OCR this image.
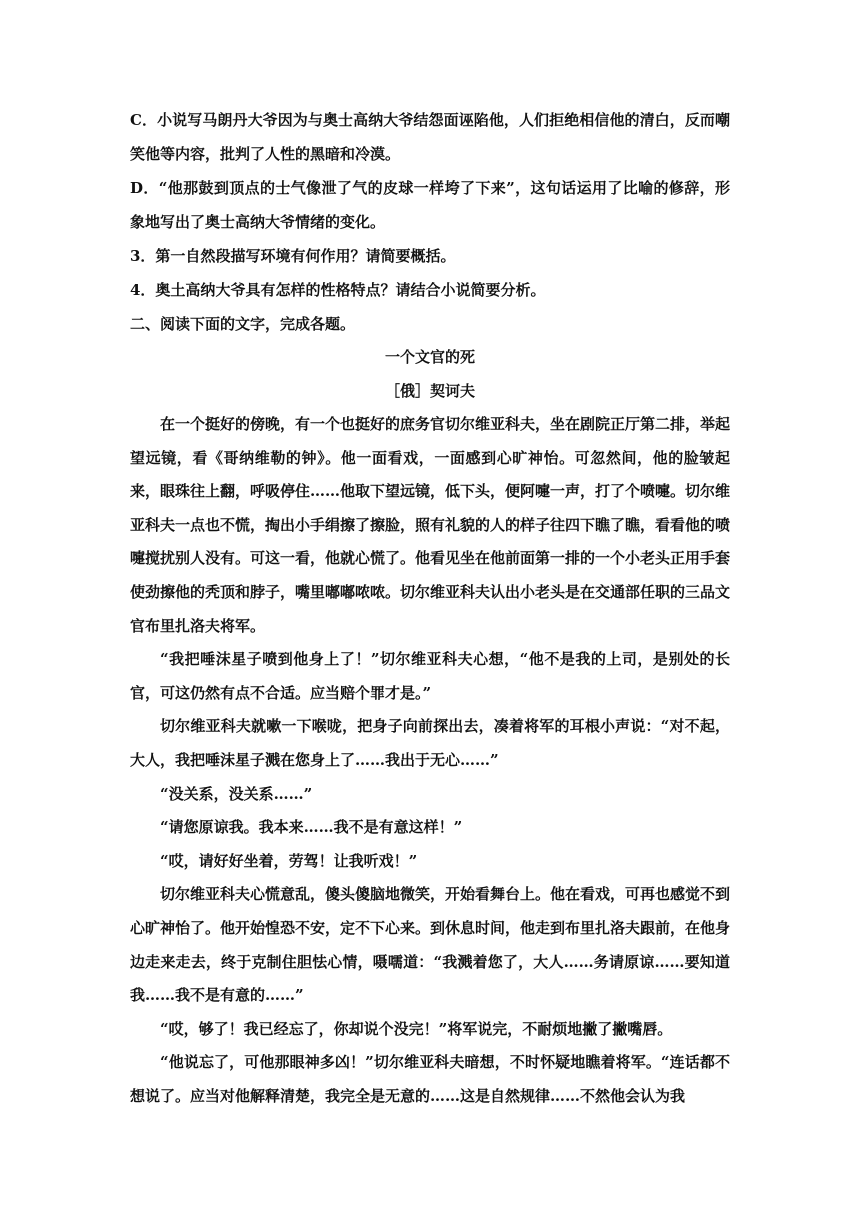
C．小说写马朗丹大爷因为与奥士高纳大爷结怨面诬陷他，人们拒绝相信他的清白，反而嘲笑他等内容，批判了人性的黑暗和冷漠。
D．“他那鼓到顶点的士气像泄了气的皮球一样垮了下来”，这句话运用了比喻的修辞，形象地写出了奥士高纳大爷情绪的变化。
3．第一自然段描写环境有何作用？请简要概括。
4．奥土高纳大爷具有怎样的性格特点？请结合小说简要分析。
二、阅读下面的文字，完成各题。
一个文官的死
［俄］契诃夫

在一个挺好的傍晚，有一个也挺好的庶务官切尔维亚科夫，坐在剧院正厅第二排，举起望远镜，看《哥纳维勒的钟》。他一面看戏，一面感到心旷神怡。可忽然间，他的脸皱起来，眼珠往上翻，呼吸停住……他取下望远镜，低下头，便阿嚏一声，打了个喷嚏。切尔维亚科夫一点也不慌，掏出小手绢擦了擦脸，照有礼貌的人的样子往四下瞧了瞧，看看他的喷嚏搅扰别人没有。可这一看，他就心慌了。他看见坐在他前面第一排的一个小老头正用手套使劲擦他的秃顶和脖子，嘴里嘟嘟哝哝。切尔维亚科夫认出小老头是在交通部任职的三品文官布里扎洛夫将军。

“我把唾沫星子喷到他身上了！”切尔维亚科夫心想，“他不是我的上司，是别处的长官，可这仍然有点不合适。应当赔个罪才是。”

切尔维亚科夫就嗽一下喉咙，把身子向前探出去，凑着将军的耳根小声说：“对不起，大人，我把唾沫星子溅在您身上了……我出于无心……”

“没关系，没关系……”

“请您原谅我。我本来……我不是有意这样！”

“哎，请好好坐着，劳驾！让我听戏！”

切尔维亚科夫心慌意乱，傻头傻脑地微笑，开始看舞台上。他在看戏，可再也感觉不到心旷神怡了。他开始惶恐不安，定不下心来。到休息时间，他走到布里扎洛夫跟前，在他身边走来走去，终于克制住胆怯心情，嗫嚅道：“我溅着您了，大人……务请原谅……要知道我……我不是有意的……”

“哎，够了！我已经忘了，你却说个没完！”将军说完，不耐烦地撇了撇嘴唇。

“他说忘了，可他那眼神多凶！”切尔维亚科夫暗想，不时怀疑地瞧着将军。“连话都不想说了。应当对他解释清楚，我完全是无意的……这是自然规律……不然他会认为我
